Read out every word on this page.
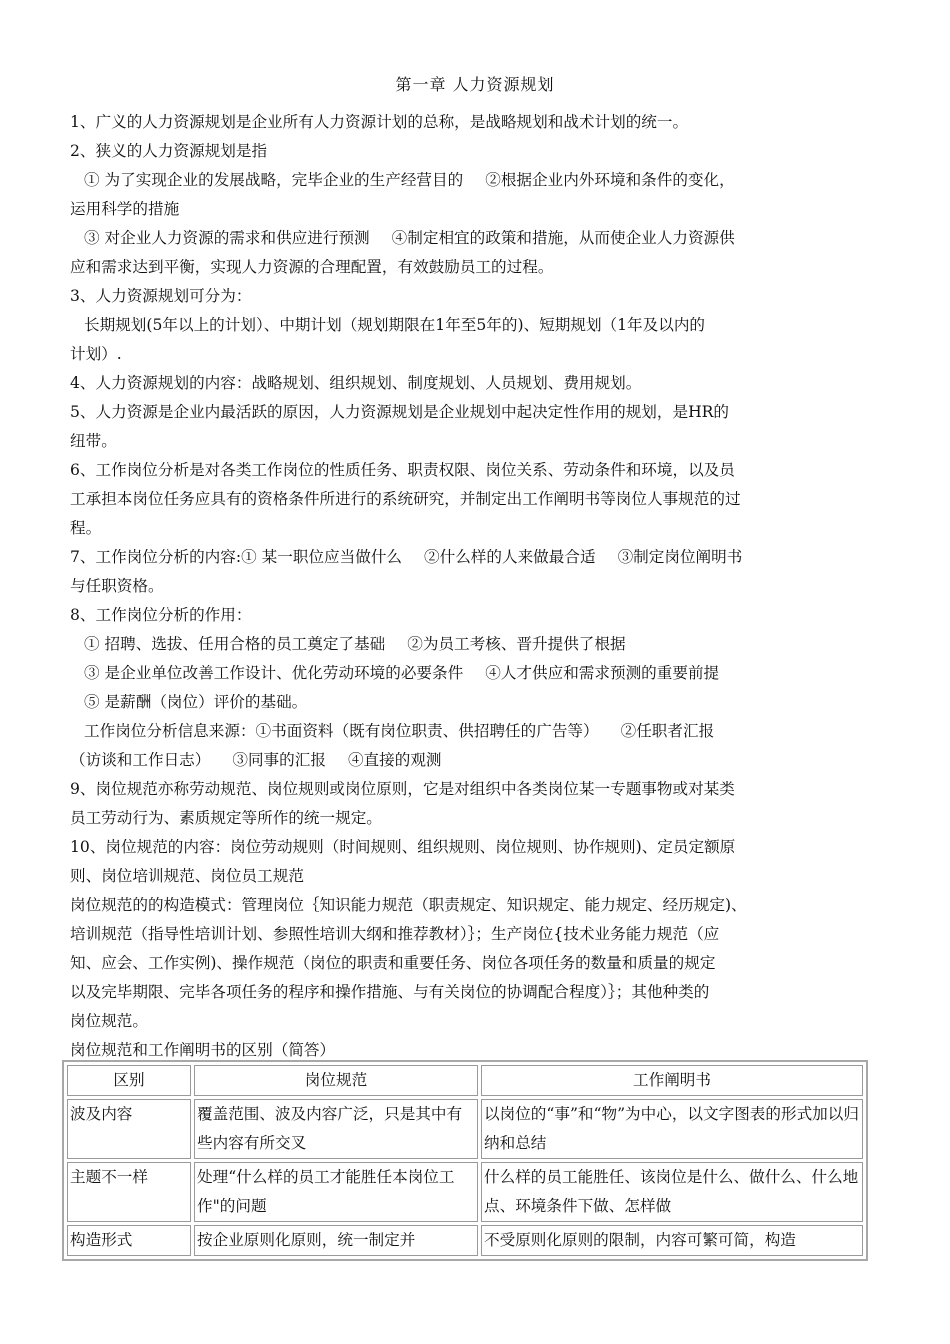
第一章 人力资源规划

1、广义的人力资源规划是企业所有人力资源计划的总称，是战略规划和战术计划的统一。

2、狭义的人力资源规划是指

① 为了实现企业的发展战略，完毕企业的生产经营目的 ②根据企业内外环境和条件的变化，

运用科学的措施

③ 对企业人力资源的需求和供应进行预测 ④制定相宜的政策和措施，从而使企业人力资源供

应和需求达到平衡，实现人力资源的合理配置，有效鼓励员工的过程。

3、人力资源规划可分为：

长期规划(5年以上的计划）、中期计划（规划期限在1年至5年的)、短期规划（1年及以内的

计划）.

4、人力资源规划的内容：战略规划、组织规划、制度规划、人员规划、费用规划。

5、人力资源是企业内最活跃的原因，人力资源规划是企业规划中起决定性作用的规划，是HR的

纽带。

6、工作岗位分析是对各类工作岗位的性质任务、职责权限、岗位关系、劳动条件和环境，以及员

工承担本岗位任务应具有的资格条件所进行的系统研究，并制定出工作阐明书等岗位人事规范的过

程。

7、工作岗位分析的内容:① 某一职位应当做什么 ②什么样的人来做最合适 ③制定岗位阐明书

与任职资格。

8、工作岗位分析的作用：

① 招聘、选拔、任用合格的员工奠定了基础 ②为员工考核、晋升提供了根据

③ 是企业单位改善工作设计、优化劳动环境的必要条件 ④人才供应和需求预测的重要前提

⑤ 是薪酬（岗位）评价的基础。

工作岗位分析信息来源：①书面资料（既有岗位职责、供招聘任的广告等） ②任职者汇报

（访谈和工作日志） ③同事的汇报 ④直接的观测

9、岗位规范亦称劳动规范、岗位规则或岗位原则，它是对组织中各类岗位某一专题事物或对某类

员工劳动行为、素质规定等所作的统一规定。

10、岗位规范的内容：岗位劳动规则（时间规则、组织规则、岗位规则、协作规则)、定员定额原

则、岗位培训规范、岗位员工规范

岗位规范的的构造模式：管理岗位｛知识能力规范（职责规定、知识规定、能力规定、经历规定)、

培训规范（指导性培训计划、参照性培训大纲和推荐教材）｝；生产岗位{技术业务能力规范（应

知、应会、工作实例)、操作规范（岗位的职责和重要任务、岗位各项任务的数量和质量的规定

以及完毕期限、完毕各项任务的程序和操作措施、与有关岗位的协调配合程度）｝；其他种类的

岗位规范。

岗位规范和工作阐明书的区别（简答）

区别	岗位规范	工作阐明书
波及内容	覆盖范围、波及内容广泛，只是其中有些内容有所交叉	以岗位的“事”和“物”为中心，以文字图表的形式加以归纳和总结
主题不一样	处理“什么样的员工才能胜任本岗位工作"的问题	什么样的员工能胜任、该岗位是什么、做什么、什么地点、环境条件下做、怎样做
构造形式	按企业原则化原则，统一制定并	不受原则化原则的限制，内容可繁可简，构造
